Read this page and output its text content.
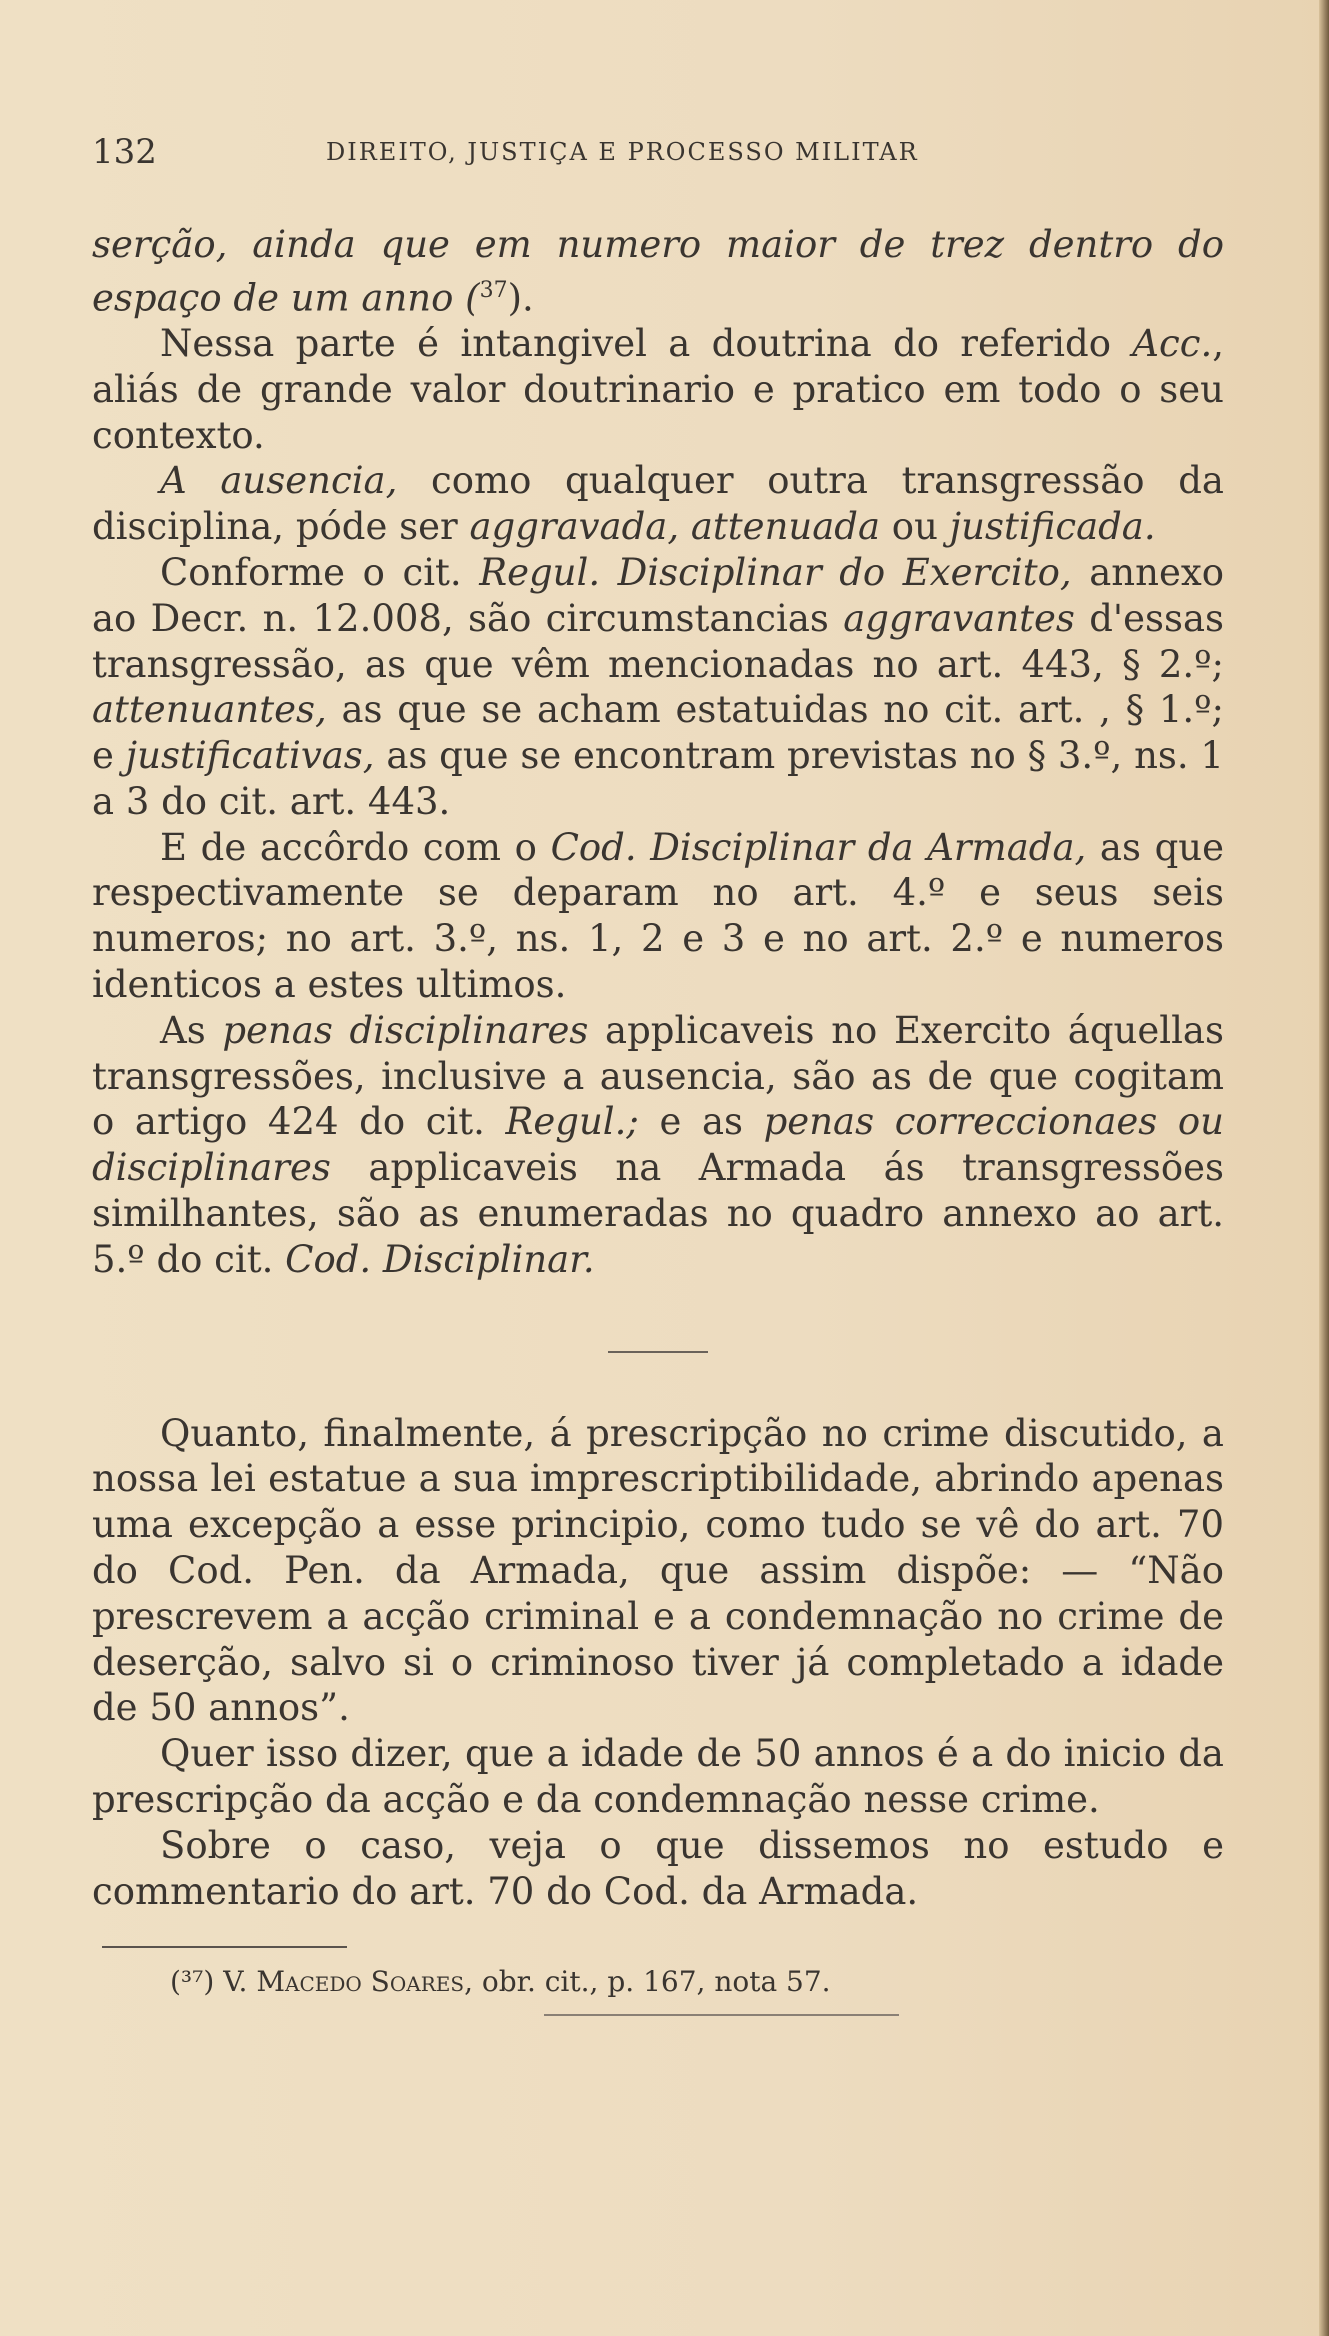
132	DIREITO, JUSTIÇA E PROCESSO MILITAR

serção, ainda que em numero maior de trez dentro do espaço de um anno ($^{37}$).

Nessa parte é intangivel a doutrina do referido Acc., aliás de grande valor doutrinario e pratico em todo o seu contexto.

A ausencia, como qualquer outra transgressão da disciplina, póde ser aggravada, attenuada ou justificada.

Conforme o cit. Regul. Disciplinar do Exercito, annexo ao Decr. n. 12.008, são circumstancias aggravantes d'essas transgressão, as que vêm mencionadas no art. 443, § 2.º; attenuantes, as que se acham estatuidas no cit. art. , § 1.º; e justificativas, as que se encontram previstas no § 3.º, ns. 1 a 3 do cit. art. 443.

E de accôrdo com o Cod. Disciplinar da Armada, as que respectivamente se deparam no art. 4.º e seus seis numeros; no art. 3.º, ns. 1, 2 e 3 e no art. 2.º e numeros identicos a estes ultimos.

As penas disciplinares applicaveis no Exercito áquellas transgressões, inclusive a ausencia, são as de que cogitam o artigo 424 do cit. Regul.; e as penas correccionaes ou disciplinares applicaveis na Armada ás transgressões similhantes, são as enumeradas no quadro annexo ao art. 5.º do cit. Cod. Disciplinar.

Quanto, finalmente, á prescripção no crime discutido, a nossa lei estatue a sua imprescriptibilidade, abrindo apenas uma excepção a esse principio, como tudo se vê do art. 70 do Cod. Pen. da Armada, que assim dispõe: — “Não prescrevem a acção criminal e a condemnação no crime de deserção, salvo si o criminoso tiver já completado a idade de 50 annos”.

Quer isso dizer, que a idade de 50 annos é a do inicio da prescripção da acção e da condemnação nesse crime.

Sobre o caso, veja o que dissemos no estudo e commentario do art. 70 do Cod. da Armada.

(³⁷) V. Macedo Soares, obr. cit., p. 167, nota 57.
